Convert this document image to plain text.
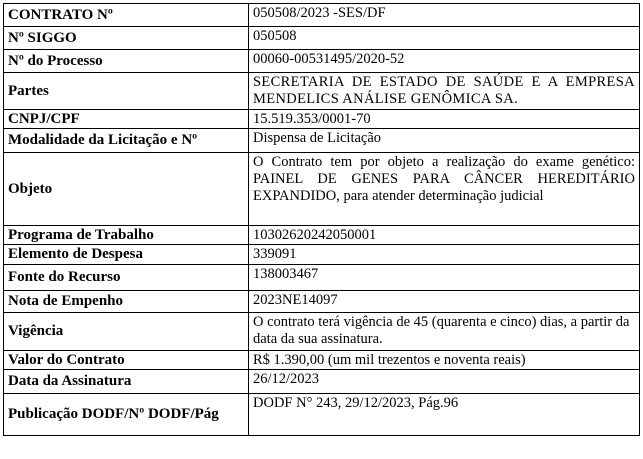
CONTRATO Nº	050508/2023 -SES/DF
Nº SIGGO	050508
Nº do Processo	00060-00531495/2020-52
Partes	SECRETARIA DE ESTADO DE SAÚDE E A EMPRESA MENDELICS ANÁLISE GENÔMICA SA.
CNPJ/CPF	15.519.353/0001-70
Modalidade da Licitação e Nº	Dispensa de Licitação
Objeto	O Contrato tem por objeto a realização do exame genético: PAINEL DE GENES PARA CÂNCER HEREDITÁRIO EXPANDIDO, para atender determinação judicial
Programa de Trabalho	10302620242050001
Elemento de Despesa	339091
Fonte do Recurso	138003467
Nota de Empenho	2023NE14097
Vigência	O contrato terá vigência de 45 (quarenta e cinco) dias, a partir da data da sua assinatura.
Valor do Contrato	R$ 1.390,00 (um mil trezentos e noventa reais)
Data da Assinatura	26/12/2023
Publicação DODF/Nº DODF/Pág	DODF N° 243, 29/12/2023, Pág.96
